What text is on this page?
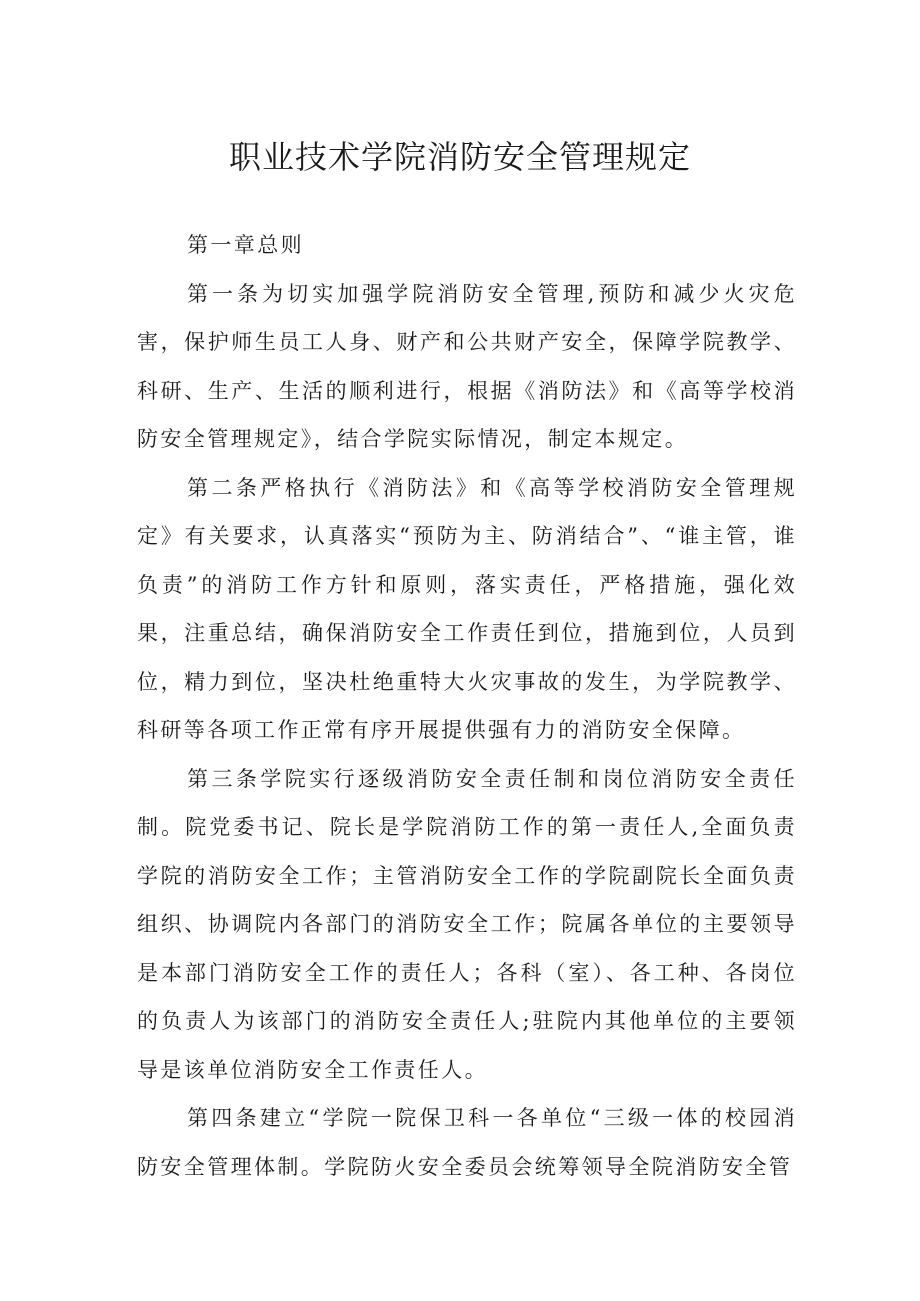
职业技术学院消防安全管理规定

第一章总则

第一条为切实加强学院消防安全管理,预防和减少火灾危害，保护师生员工人身、财产和公共财产安全，保障学院教学、科研、生产、生活的顺利进行，根据《消防法》和《高等学校消防安全管理规定》，结合学院实际情况，制定本规定。

第二条严格执行《消防法》和《高等学校消防安全管理规定》有关要求，认真落实“预防为主、防消结合”、“谁主管，谁负责”的消防工作方针和原则，落实责任，严格措施，强化效果，注重总结，确保消防安全工作责任到位，措施到位，人员到位，精力到位，坚决杜绝重特大火灾事故的发生，为学院教学、科研等各项工作正常有序开展提供强有力的消防安全保障。

第三条学院实行逐级消防安全责任制和岗位消防安全责任制。院党委书记、院长是学院消防工作的第一责任人,全面负责学院的消防安全工作；主管消防安全工作的学院副院长全面负责组织、协调院内各部门的消防安全工作；院属各单位的主要领导是本部门消防安全工作的责任人；各科（室）、各工种、各岗位的负责人为该部门的消防安全责任人;驻院内其他单位的主要领导是该单位消防安全工作责任人。

第四条建立“学院一院保卫科一各单位“三级一体的校园消防安全管理体制。学院防火安全委员会统筹领导全院消防安全管
